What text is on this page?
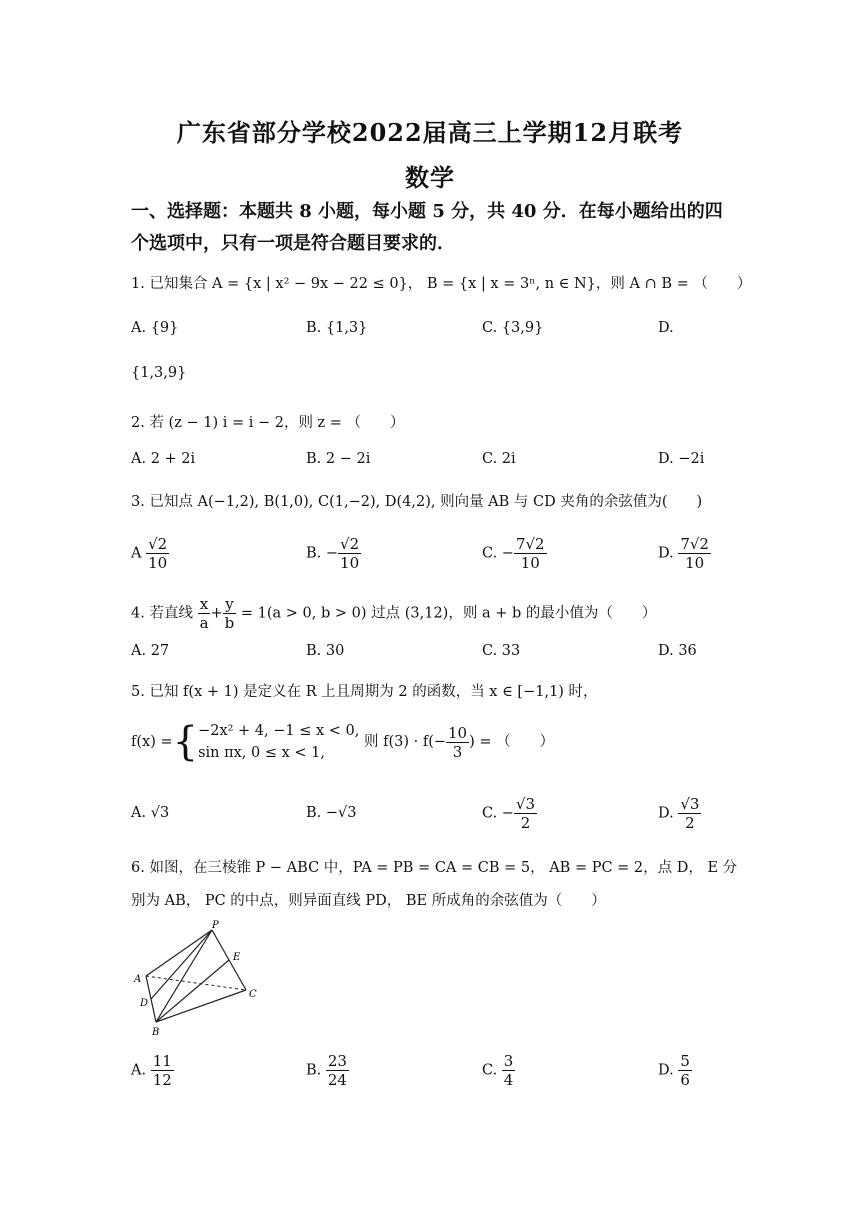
广东省部分学校2022届高三上学期12月联考
数学
一、选择题：本题共 8 小题，每小题 5 分，共 40 分．在每小题给出的四个选项中，只有一项是符合题目要求的．
1. 已知集合 A = {x | x² − 9x − 22 ≤ 0}， B = {x | x = 3ⁿ, n ∈ N}，则 A ∩ B = （　　）
A. {9}	B. {1,3}	C. {3,9}	D.
{1,3,9}
2. 若 (z − 1) i = i − 2，则 z = （　　）
A. 2 + 2i	B. 2 − 2i	C. 2i	D. −2i
3. 已知点 A(−1,2), B(1,0), C(1,−2), D(4,2), 则向量 AB 与 CD 夹角的余弦值为(　　)
A $\frac{√2}{10}$	B. − $\frac{√2}{10}$	C. − $\frac{7√2}{10}$	D. $\frac{7√2}{10}$
4. 若直线 $\frac{x}{a} + \frac{y}{b} = 1(a > 0$, b > 0) 过点 (3,12)，则 a + b 的最小值为（　　）
A. 27	B. 30	C. 33	D. 36
5. 已知 f(x + 1) 是定义在 R 上且周期为 2 的函数，当 x ∈ [−1,1) 时，
f(x) ={ −2x² + 4, −1 ≤ x < 0,
sin πx, 0 ≤ x < 1,
则 $f(3) \cdot f(- \frac{10}{3}$ ) = （　　）
A. √3	B. −√3	C. − $\frac{√3}{2}$	D. $\frac{√3}{2}$
6. 如图，在三棱锥 P − ABC 中，PA = PB = CA = CB = 5， AB = PC = 2，点 D， E 分
别为 AB， PC 的中点，则异面直线 PD， BE 所成角的余弦值为（　　）
P
E
A
D
C
B
A. $\frac{11}{12}$	B. $\frac{23}{24}$	C. $\frac{3}{4}$	D. $\frac{5}{6}$
